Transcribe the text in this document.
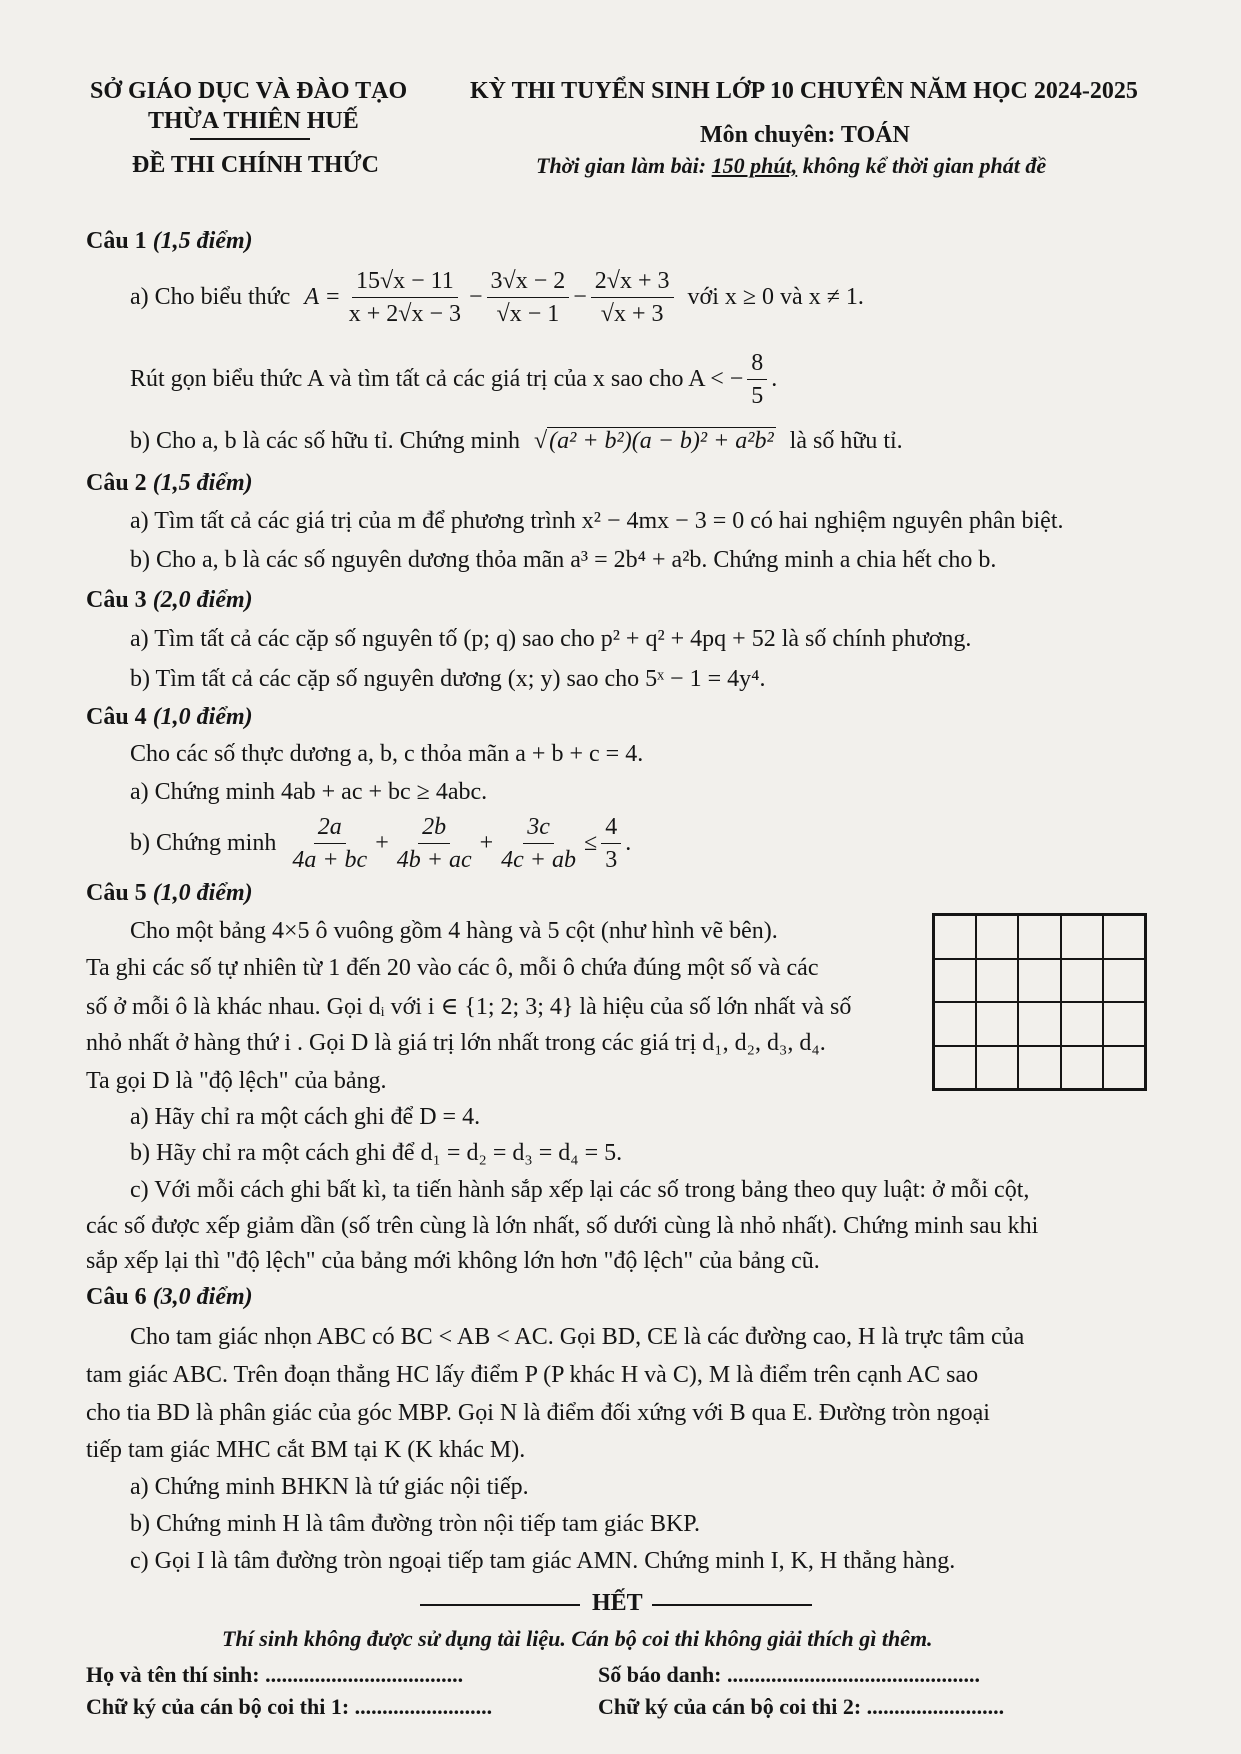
SỞ GIÁO DỤC VÀ ĐÀO TẠO
THỪA THIÊN HUẾ
ĐỀ THI CHÍNH THỨC
KỲ THI TUYỂN SINH LỚP 10 CHUYÊN NĂM HỌC 2024-2025
Môn chuyên: TOÁN
Thời gian làm bài: 150 phút, không kể thời gian phát đề
Câu 1 (1,5 điểm)
a) Cho biểu thức $A = \frac{15√x - 11}{x + 2√x - 3} - \frac{3√x - 2}{√x - 1} - \frac{2√x + 3}{√x + 3}$ với x ≥ 0 và x ≠ 1.
Rút gọn biểu thức A và tìm tất cả các giá trị của x sao cho A < − $\frac{8}{5}$ .
b) Cho a, b là các số hữu tỉ. Chứng minh √(a² + b²)(a − b)² + a²b² là số hữu tỉ.
Câu 2 (1,5 điểm)
a) Tìm tất cả các giá trị của m để phương trình x² − 4mx − 3 = 0 có hai nghiệm nguyên phân biệt.
b) Cho a, b là các số nguyên dương thỏa mãn a³ = 2b⁴ + a²b. Chứng minh a chia hết cho b.
Câu 3 (2,0 điểm)
a) Tìm tất cả các cặp số nguyên tố (p; q) sao cho p² + q² + 4pq + 52 là số chính phương.
b) Tìm tất cả các cặp số nguyên dương (x; y) sao cho 5ˣ − 1 = 4y⁴.
Câu 4 (1,0 điểm)
Cho các số thực dương a, b, c thỏa mãn a + b + c = 4.
a) Chứng minh 4ab + ac + bc ≥ 4abc.
b) Chứng minh $\frac{2a}{4a + bc} + \frac{2b}{4b + ac} + \frac{3c}{4c + ab} \le \frac{4}{3}$ .
Câu 5 (1,0 điểm)
Cho một bảng 4×5 ô vuông gồm 4 hàng và 5 cột (như hình vẽ bên).
Ta ghi các số tự nhiên từ 1 đến 20 vào các ô, mỗi ô chứa đúng một số và các
số ở mỗi ô là khác nhau. Gọi dᵢ với i ∈ {1; 2; 3; 4} là hiệu của số lớn nhất và số
nhỏ nhất ở hàng thứ i . Gọi D là giá trị lớn nhất trong các giá trị d₁, d₂, d₃, d₄.
Ta gọi D là "độ lệch" của bảng.
a) Hãy chỉ ra một cách ghi để D = 4.
b) Hãy chỉ ra một cách ghi để d₁ = d₂ = d₃ = d₄ = 5.
c) Với mỗi cách ghi bất kì, ta tiến hành sắp xếp lại các số trong bảng theo quy luật: ở mỗi cột,
các số được xếp giảm dần (số trên cùng là lớn nhất, số dưới cùng là nhỏ nhất). Chứng minh sau khi
sắp xếp lại thì "độ lệch" của bảng mới không lớn hơn "độ lệch" của bảng cũ.
Câu 6 (3,0 điểm)
Cho tam giác nhọn ABC có BC < AB < AC. Gọi BD, CE là các đường cao, H là trực tâm của
tam giác ABC. Trên đoạn thẳng HC lấy điểm P (P khác H và C), M là điểm trên cạnh AC sao
cho tia BD là phân giác của góc MBP. Gọi N là điểm đối xứng với B qua E. Đường tròn ngoại
tiếp tam giác MHC cắt BM tại K (K khác M).
a) Chứng minh BHKN là tứ giác nội tiếp.
b) Chứng minh H là tâm đường tròn nội tiếp tam giác BKP.
c) Gọi I là tâm đường tròn ngoại tiếp tam giác AMN. Chứng minh I, K, H thẳng hàng.
HẾT
Thí sinh không được sử dụng tài liệu. Cán bộ coi thi không giải thích gì thêm.
Họ và tên thí sinh: ....................................	Số báo danh: ..............................................
Chữ ký của cán bộ coi thi 1: .........................	Chữ ký của cán bộ coi thi 2: .........................
